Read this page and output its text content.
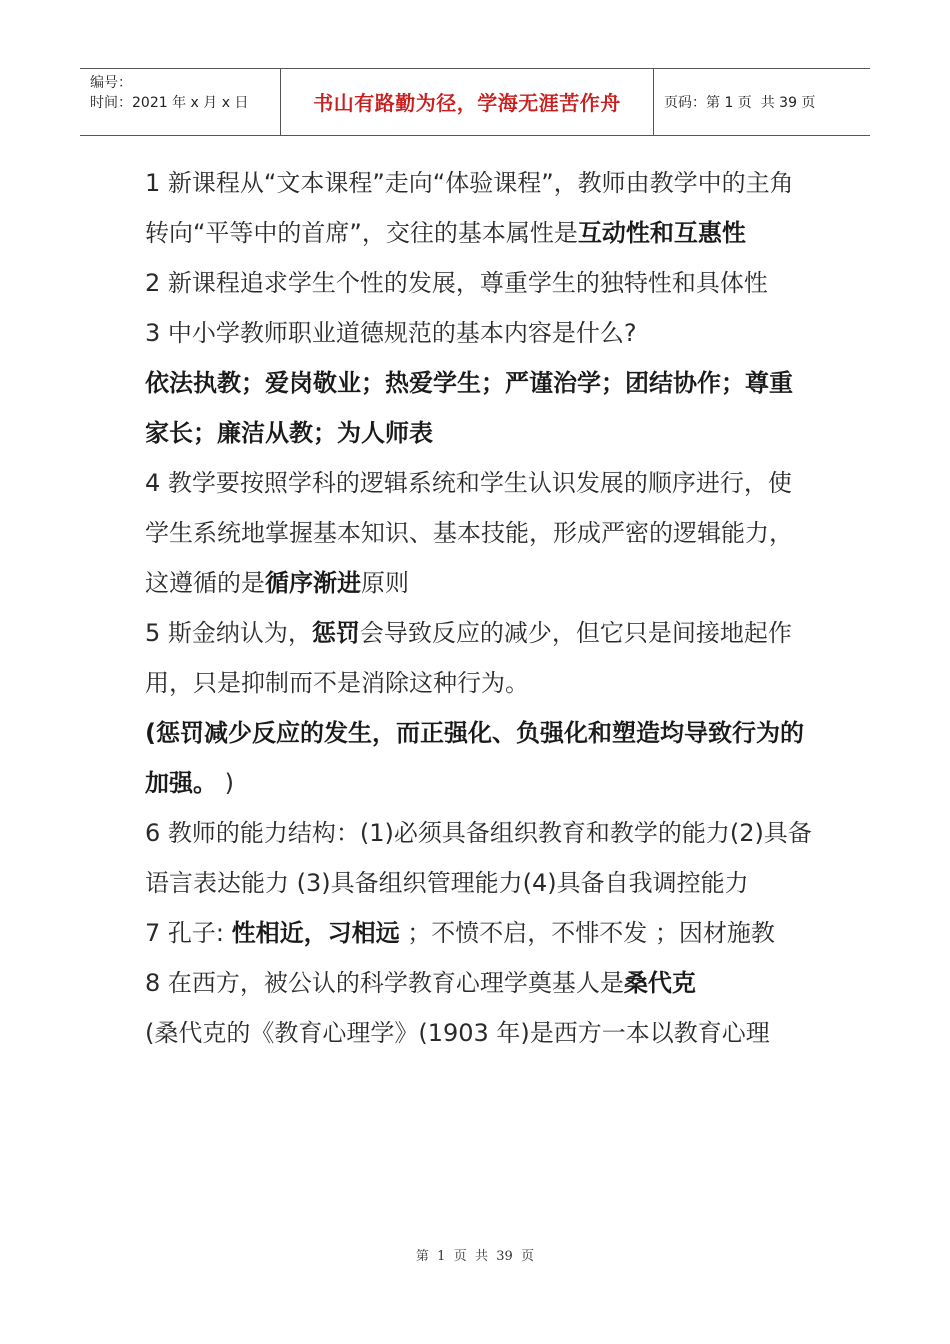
编号：
时间：2021 年 x 月 x 日	书山有路勤为径，学海无涯苦作舟	页码：第 1 页  共 39 页

1 新课程从“文本课程”走向“体验课程”，教师由教学中的主角转向“平等中的首席”，交往的基本属性是互动性和互惠性

2 新课程追求学生个性的发展，尊重学生的独特性和具体性

3 中小学教师职业道德规范的基本内容是什么?

依法执教；爱岗敬业；热爱学生；严谨治学；团结协作；尊重家长；廉洁从教；为人师表

4 教学要按照学科的逻辑系统和学生认识发展的顺序进行，使学生系统地掌握基本知识、基本技能，形成严密的逻辑能力，这遵循的是循序渐进原则

5 斯金纳认为，惩罚会导致反应的减少，但它只是间接地起作用，只是抑制而不是消除这种行为。

(惩罚减少反应的发生，而正强化、负强化和塑造均导致行为的加强。 )

6 教师的能力结构：(1)必须具备组织教育和教学的能力(2)具备语言表达能力 (3)具备组织管理能力(4)具备自我调控能力

7 孔子: 性相近，习相远 ；不愤不启，不悱不发 ；因材施教

8 在西方，被公认的科学教育心理学奠基人是桑代克

(桑代克的《教育心理学》(1903 年)是西方一本以教育心理

第  1  页  共  39  页
